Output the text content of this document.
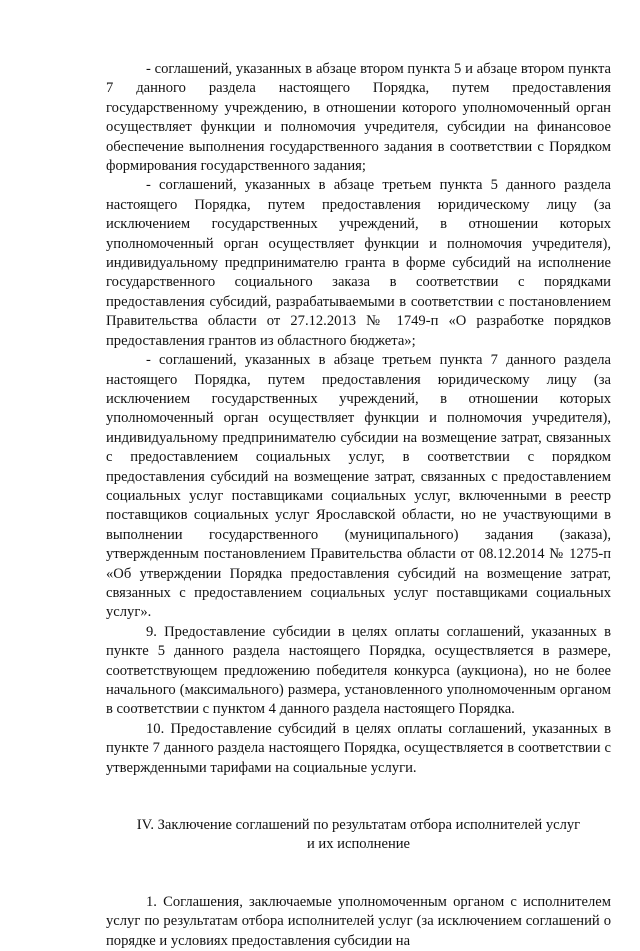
- соглашений, указанных в абзаце втором пункта 5 и абзаце втором пункта 7 данного раздела настоящего Порядка, путем предоставления государственному учреждению, в отношении которого уполномоченный орган осуществляет функции и полномочия учредителя, субсидии на финансовое обеспечение выполнения государственного задания в соответствии с Порядком формирования государственного задания;

- соглашений, указанных в абзаце третьем пункта 5 данного раздела настоящего Порядка, путем предоставления юридическому лицу (за исключением государственных учреждений, в отношении которых уполномоченный орган осуществляет функции и полномочия учредителя), индивидуальному предпринимателю гранта в форме субсидий на исполнение государственного социального заказа в соответствии с порядками предоставления субсидий, разрабатываемыми в соответствии с постановлением Правительства области от 27.12.2013 № 1749-п «О разработке порядков предоставления грантов из областного бюджета»;

- соглашений, указанных в абзаце третьем пункта 7 данного раздела настоящего Порядка, путем предоставления юридическому лицу (за исключением государственных учреждений, в отношении которых уполномоченный орган осуществляет функции и полномочия учредителя), индивидуальному предпринимателю субсидии на возмещение затрат, связанных с предоставлением социальных услуг, в соответствии с порядком предоставления субсидий на возмещение затрат, связанных с предоставлением социальных услуг поставщиками социальных услуг, включенными в реестр поставщиков социальных услуг Ярославской области, но не участвующими в выполнении государственного (муниципального) задания (заказа), утвержденным постановлением Правительства области от 08.12.2014 № 1275-п «Об утверждении Порядка предоставления субсидий на возмещение затрат, связанных с предоставлением социальных услуг поставщиками социальных услуг».

9. Предоставление субсидии в целях оплаты соглашений, указанных в пункте 5 данного раздела настоящего Порядка, осуществляется в размере, соответствующем предложению победителя конкурса (аукциона), но не более начального (максимального) размера, установленного уполномоченным органом в соответствии с пунктом 4 данного раздела настоящего Порядка.

10. Предоставление субсидий в целях оплаты соглашений, указанных в пункте 7 данного раздела настоящего Порядка, осуществляется в соответствии с утвержденными тарифами на социальные услуги.

IV. Заключение соглашений по результатам отбора исполнителей услуг
и их исполнение

1. Соглашения, заключаемые уполномоченным органом с исполнителем услуг по результатам отбора исполнителей услуг (за исключением соглашений о порядке и условиях предоставления субсидии на
